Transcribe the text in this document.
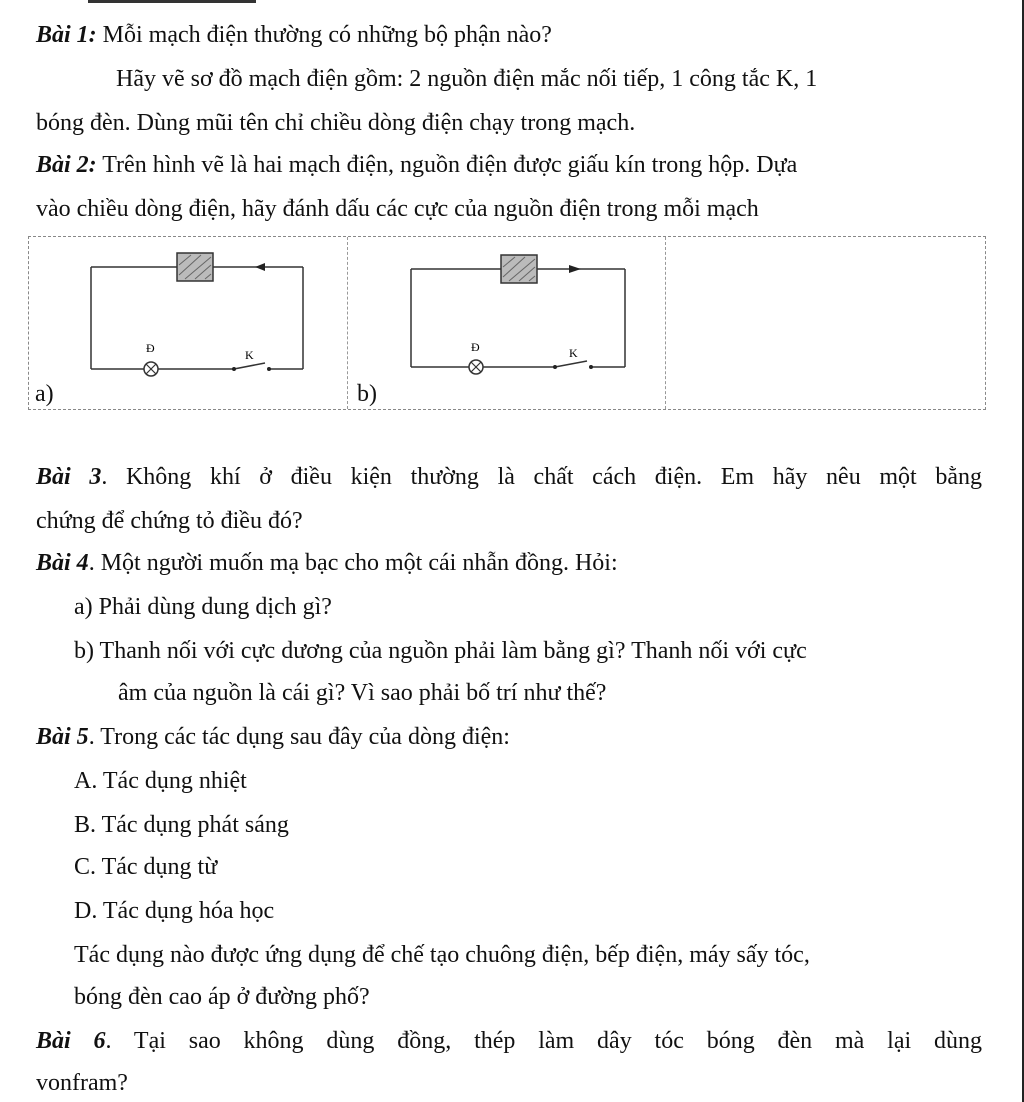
Bài 1: Mỗi mạch điện thường có những bộ phận nào?
Hãy vẽ sơ đồ mạch điện gồm: 2 nguồn điện mắc nối tiếp, 1 công tắc K, 1
bóng đèn. Dùng mũi tên chỉ chiều dòng điện chạy trong mạch.
Bài 2: Trên hình vẽ là hai mạch điện, nguồn điện được giấu kín trong hộp. Dựa
vào chiều dòng điện, hãy đánh dấu các cực của nguồn điện trong mỗi mạch
Đ	K
a)
Đ	K
b)
Bài 3. Không khí ở điều kiện thường là chất cách điện. Em hãy nêu một bằng
chứng để chứng tỏ điều đó?
Bài 4. Một người muốn mạ bạc cho một cái nhẫn đồng. Hỏi:
a) Phải dùng dung dịch gì?
b) Thanh nối với cực dương của nguồn phải làm bằng gì? Thanh nối với cực
âm của nguồn là cái gì? Vì sao phải bố trí như thế?
Bài 5. Trong các tác dụng sau đây của dòng điện:
A. Tác dụng nhiệt
B. Tác dụng phát sáng
C. Tác dụng từ
D. Tác dụng hóa học
Tác dụng nào được ứng dụng để chế tạo chuông điện, bếp điện, máy sấy tóc,
bóng đèn cao áp ở đường phố?
Bài 6. Tại sao không dùng đồng, thép làm dây tóc bóng đèn mà lại dùng
vonfram?
